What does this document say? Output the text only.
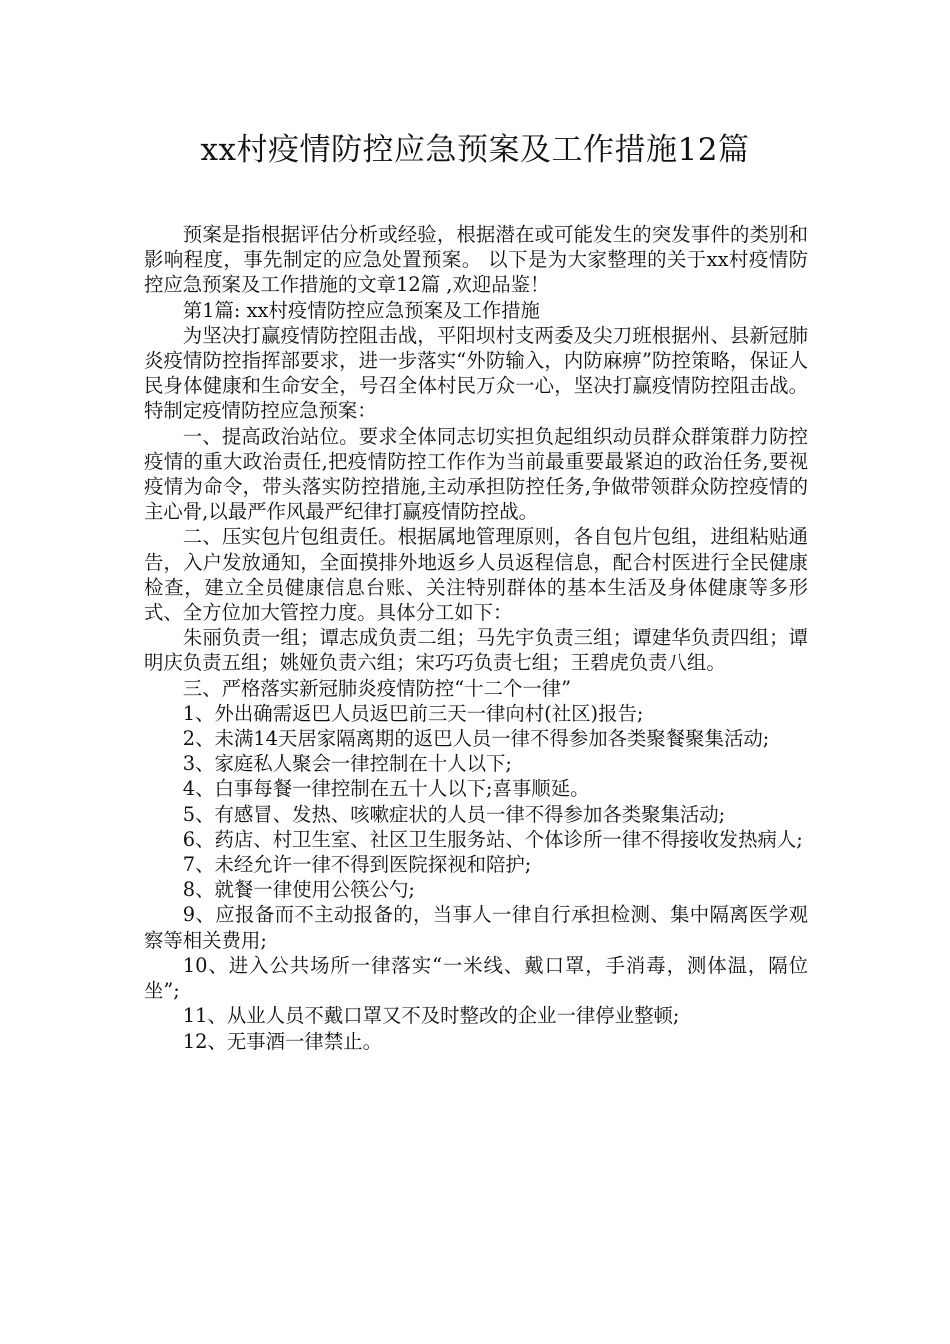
xx村疫情防控应急预案及工作措施12篇

预案是指根据评估分析或经验，根据潜在或可能发生的突发事件的类别和影响程度，事先制定的应急处置预案。 以下是为大家整理的关于xx村疫情防控应急预案及工作措施的文章12篇 ,欢迎品鉴！

第1篇: xx村疫情防控应急预案及工作措施

为坚决打赢疫情防控阻击战，平阳坝村支两委及尖刀班根据州、县新冠肺炎疫情防控指挥部要求，进一步落实“外防输入，内防麻痹”防控策略，保证人民身体健康和生命安全，号召全体村民万众一心，坚决打赢疫情防控阻击战。特制定疫情防控应急预案：

一、提高政治站位。要求全体同志切实担负起组织动员群众群策群力防控疫情的重大政治责任,把疫情防控工作作为当前最重要最紧迫的政治任务,要视疫情为命令，带头落实防控措施,主动承担防控任务,争做带领群众防控疫情的主心骨,以最严作风最严纪律打赢疫情防控战。

二、压实包片包组责任。根据属地管理原则，各自包片包组，进组粘贴通告，入户发放通知，全面摸排外地返乡人员返程信息，配合村医进行全民健康检查，建立全员健康信息台账、关注特别群体的基本生活及身体健康等多形式、全方位加大管控力度。具体分工如下：

朱丽负责一组；谭志成负责二组；马先宇负责三组；谭建华负责四组；谭明庆负责五组；姚娅负责六组；宋巧巧负责七组；王碧虎负责八组。

三、严格落实新冠肺炎疫情防控“十二个一律”

1、外出确需返巴人员返巴前三天一律向村(社区)报告;

2、未满14天居家隔离期的返巴人员一律不得参加各类聚餐聚集活动;

3、家庭私人聚会一律控制在十人以下;

4、白事每餐一律控制在五十人以下;喜事顺延。

5、有感冒、发热、咳嗽症状的人员一律不得参加各类聚集活动;

6、药店、村卫生室、社区卫生服务站、个体诊所一律不得接收发热病人;

7、未经允许一律不得到医院探视和陪护;

8、就餐一律使用公筷公勺;

9、应报备而不主动报备的，当事人一律自行承担检测、集中隔离医学观察等相关费用;

10、进入公共场所一律落实“一米线、戴口罩，手消毒，测体温，隔位坐”;

11、从业人员不戴口罩又不及时整改的企业一律停业整顿;

12、无事酒一律禁止。
